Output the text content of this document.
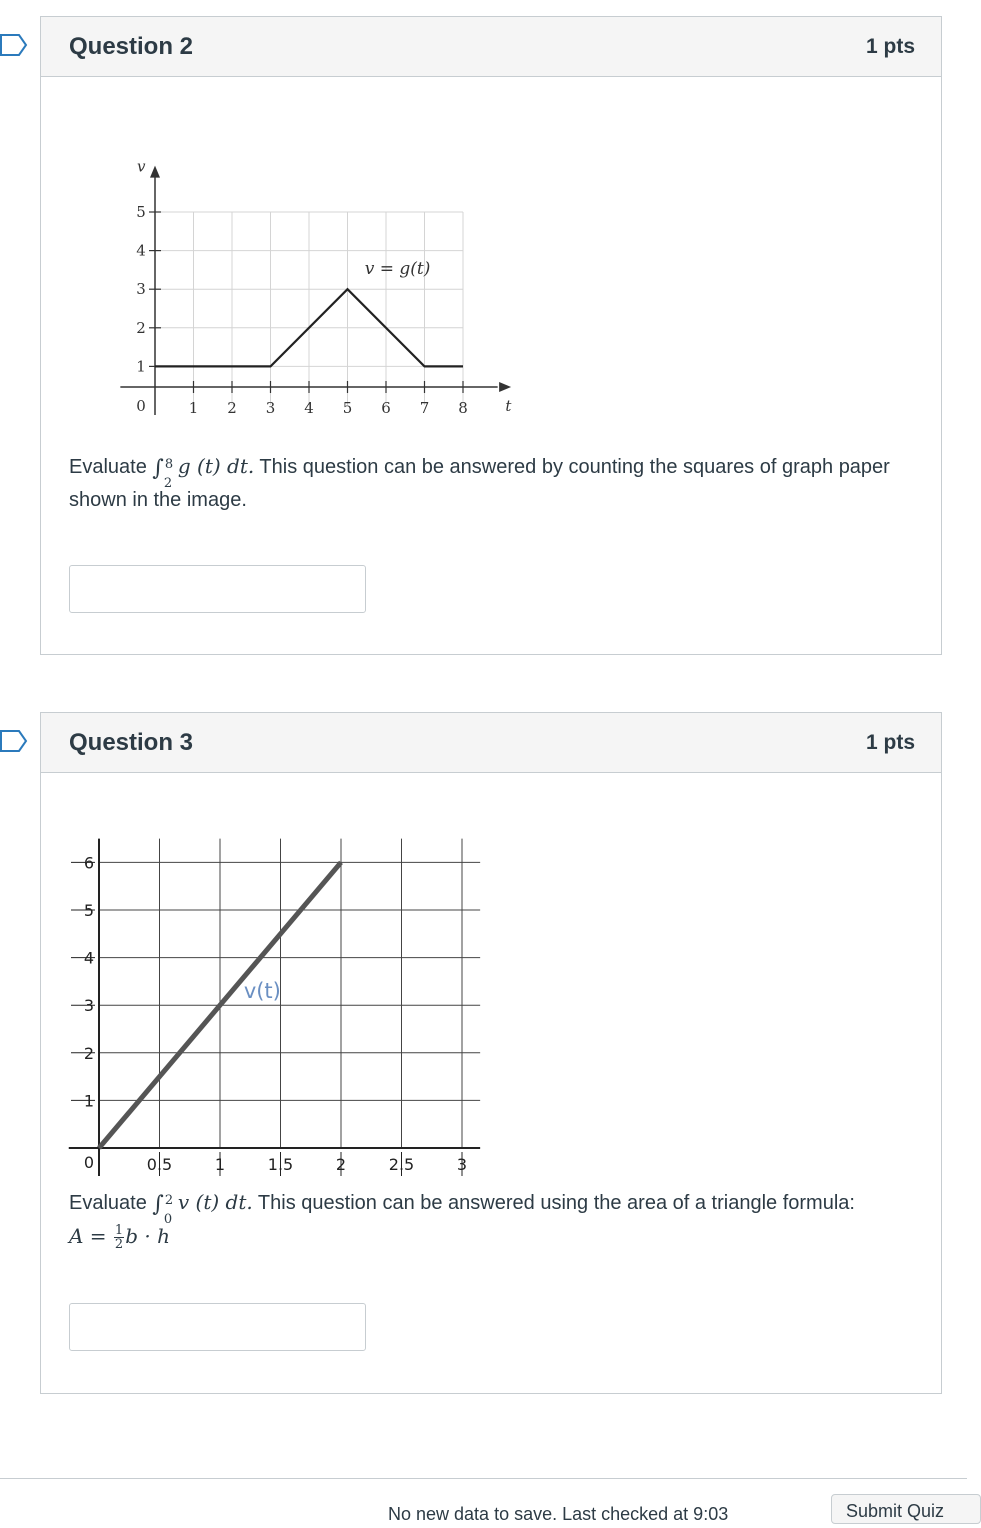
Question 2	1 pts
1 2 3 4 5 6 7 8
1
2
3
4
5
0	t
v
v = g(t)
Evaluate ∫ 8
2
g (t) dt. This question can be answered by counting the squares of graph paper shown in the image.
Question 3	1 pts
0.5	1	1.5	2	2.5	3
1
2
3
4
5
6
0
v(t)
Evaluate ∫ 2
0
v (t) dt. This question can be answered using the area of a triangle formula:
$A = \frac{1}{2}$ b · h
No new data to save. Last checked at 9:03	Submit Quiz
